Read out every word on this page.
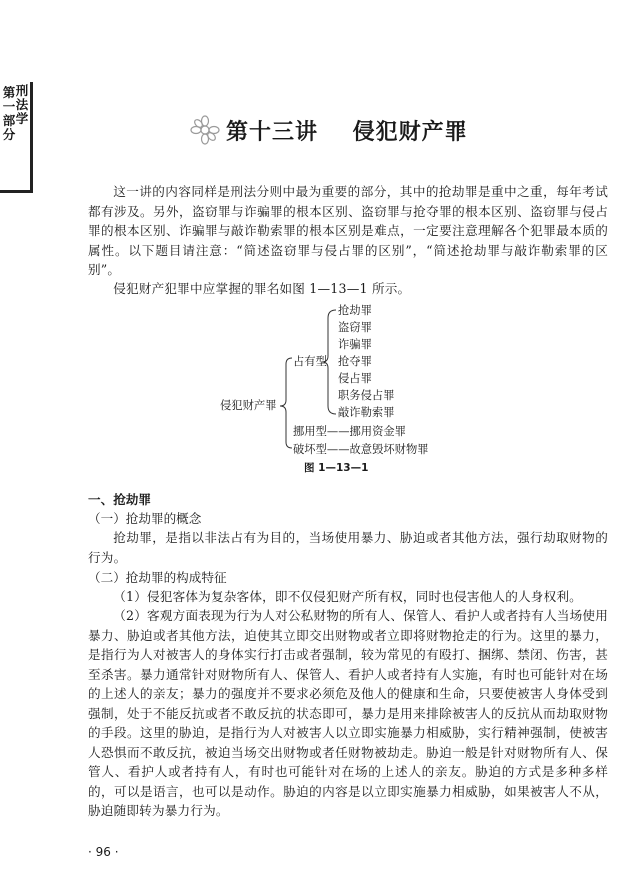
第
一
部
分
刑
法
学
第十三讲    侵犯财产罪
这一讲的内容同样是刑法分则中最为重要的部分，其中的抢劫罪是重中之重，每年考试都有涉及。另外，盗窃罪与诈骗罪的根本区别、盗窃罪与抢夺罪的根本区别、盗窃罪与侵占罪的根本区别、诈骗罪与敲诈勒索罪的根本区别是难点，一定要注意理解各个犯罪最本质的属性。以下题目请注意：“简述盗窃罪与侵占罪的区别”，“简述抢劫罪与敲诈勒索罪的区别”。
侵犯财产犯罪中应掌握的罪名如图 1—13—1 所示。
侵犯财产罪
占有型
抢劫罪
盗窃罪
诈骗罪
抢夺罪
侵占罪
职务侵占罪
敲诈勒索罪
挪用型——挪用资金罪
破坏型——故意毁坏财物罪
图 1—13—1
一、抢劫罪
（一）抢劫罪的概念
抢劫罪，是指以非法占有为目的，当场使用暴力、胁迫或者其他方法，强行劫取财物的行为。
（二）抢劫罪的构成特征
（1）侵犯客体为复杂客体，即不仅侵犯财产所有权，同时也侵害他人的人身权利。
（2）客观方面表现为行为人对公私财物的所有人、保管人、看护人或者持有人当场使用暴力、胁迫或者其他方法，迫使其立即交出财物或者立即将财物抢走的行为。这里的暴力，是指行为人对被害人的身体实行打击或者强制，较为常见的有殴打、捆绑、禁闭、伤害，甚至杀害。暴力通常针对财物所有人、保管人、看护人或者持有人实施，有时也可能针对在场的上述人的亲友；暴力的强度并不要求必须危及他人的健康和生命，只要使被害人身体受到强制，处于不能反抗或者不敢反抗的状态即可，暴力是用来排除被害人的反抗从而劫取财物的手段。这里的胁迫，是指行为人对被害人以立即实施暴力相威胁，实行精神强制，使被害人恐惧而不敢反抗，被迫当场交出财物或者任财物被劫走。胁迫一般是针对财物所有人、保管人、看护人或者持有人，有时也可能针对在场的上述人的亲友。胁迫的方式是多种多样的，可以是语言，也可以是动作。胁迫的内容是以立即实施暴力相威胁，如果被害人不从，胁迫随即转为暴力行为。
· 96 ·
